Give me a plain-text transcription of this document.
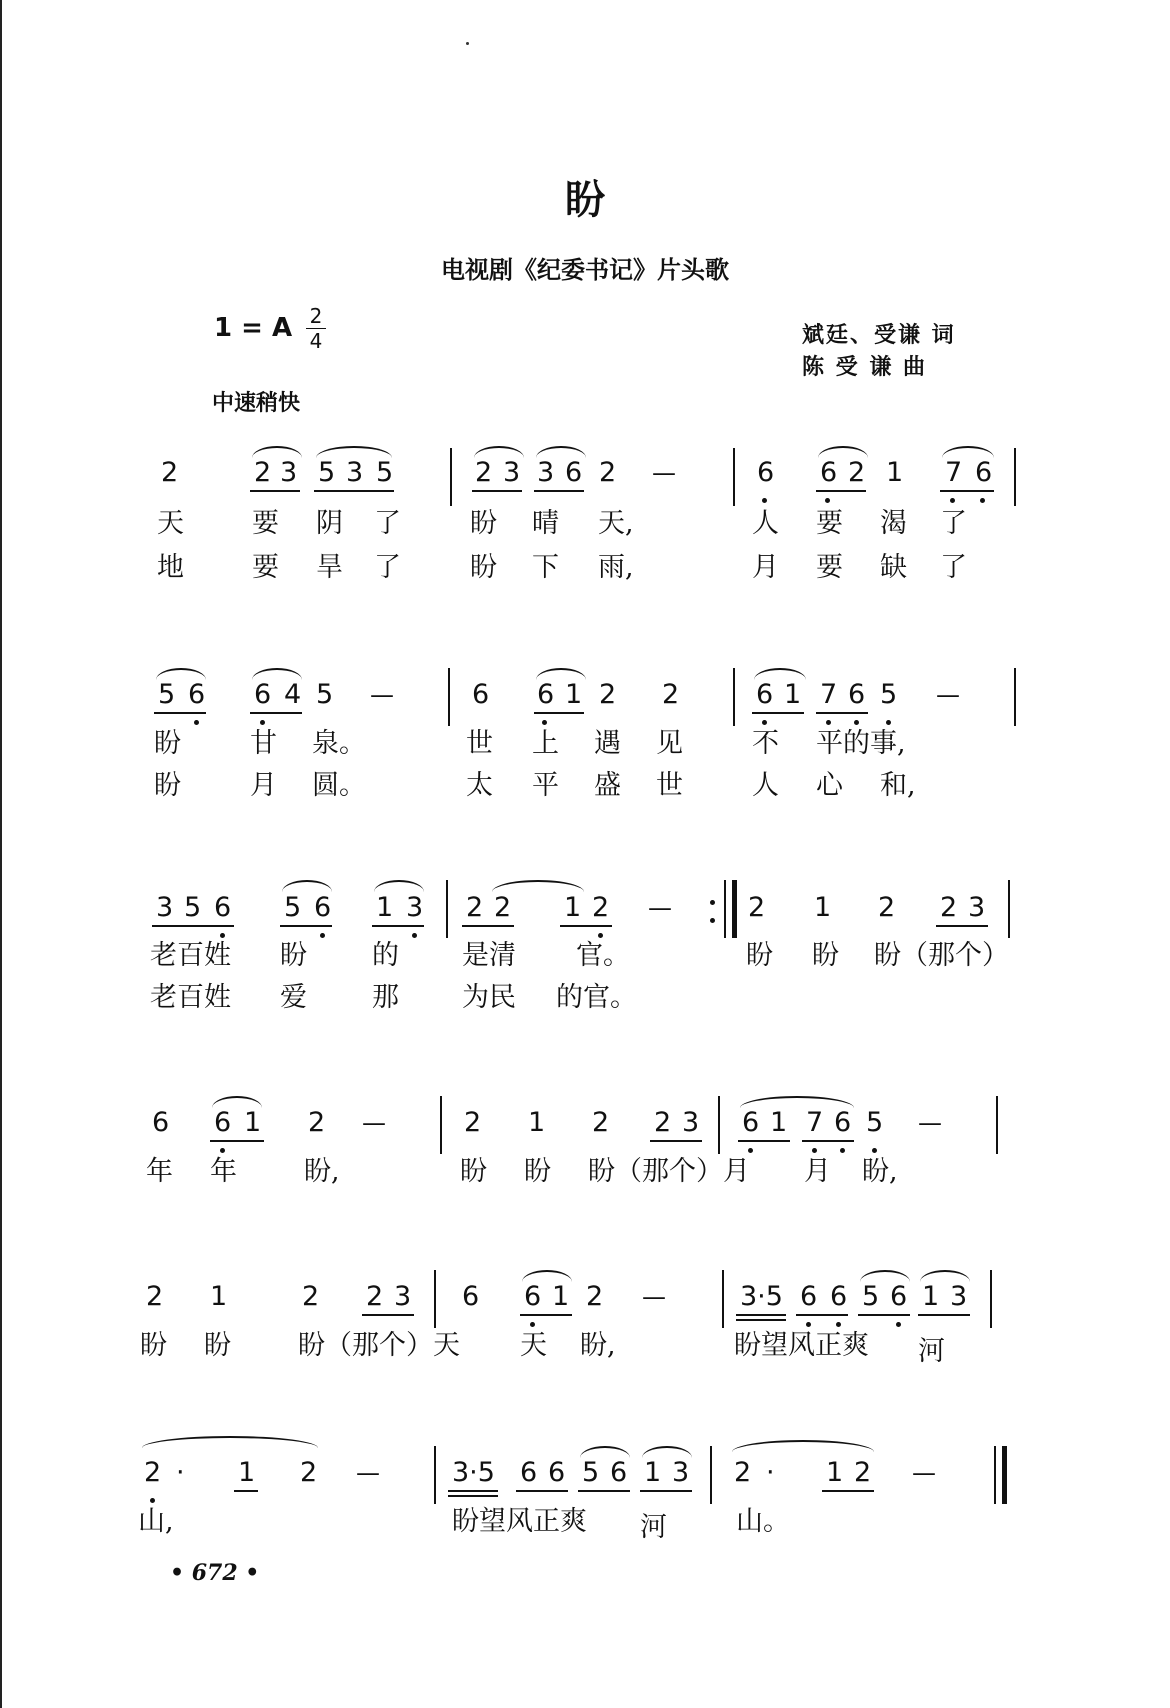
盼
电视剧《纪委书记》片头歌
1 = A 2
4	斌廷、受谦 词
陈 受 谦 曲
中速稍快
2	2 3 5 3 5	2 3 3 6 2 —	6 6 2 1 7 6
天	要 阴 了	盼 晴 天,	人 要 渴 了
地	要 旱 了	盼 下 雨,	月 要 缺 了
5 6 6 4 5 —	6 6 1 2 2	6 1 7 6 5 —
盼	甘 泉。	世 上 遇 见	不 平的事,
盼	月 圆。	太 平 盛 世	人 心 和,
3 5 6 5 6 1 3 2 2 1 2 —	2 1 2 2 3
老百姓 盼 的 是清 官。	盼 盼 盼（那个）
老百姓 爱 那 为民 的官。
6 6 1 2 —	2 1 2 2 3 6 1 7 6 5 —
年 年 盼,	盼 盼 盼（那个）月 月 盼,
2 1	2 2 3 6 6 1 2 —	3·5 6 6 5 6 1 3
盼 盼 盼（那个）天 天 盼,	盼望风正爽 河
2 · 1 2 —	3·5 6 6 5 6 1 3 2 · 1 2 —
山,	盼望风正爽 河	山。
• 672 •
